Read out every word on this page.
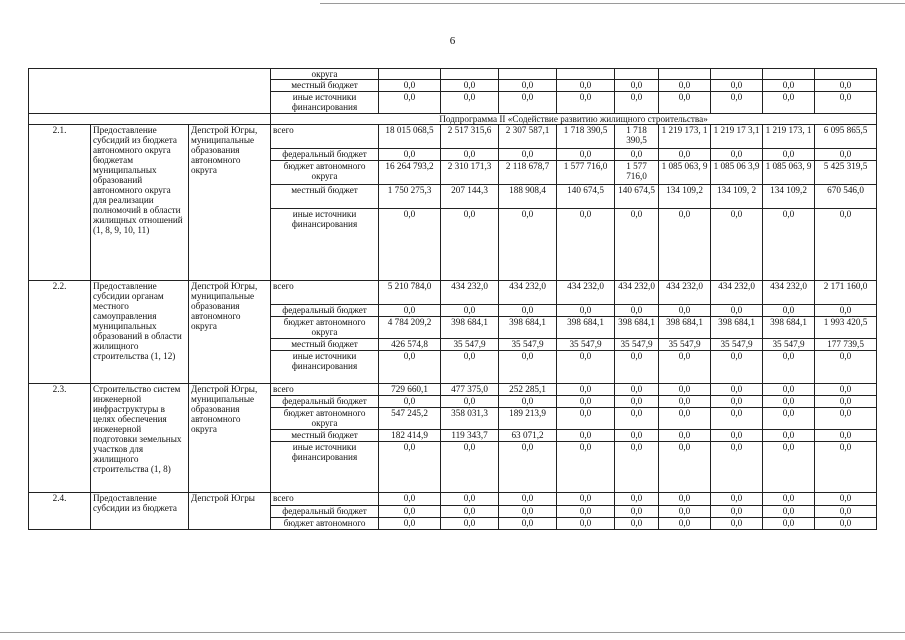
6
			округа									
			местный бюджет	0,0	0,0	0,0	0,0	0,0	0,0	0,0	0,0	0,0
			иные источники финансирования	0,0	0,0	0,0	0,0	0,0	0,0	0,0	0,0	0,0
			Подпрограмма II «Содействие развитию жилищного строительства»									
2.1.	Предоставление субсидий из бюджета автономного округа бюджетам муниципальных образований автономного округа для реализации полномочий в области жилищных отношений (1, 8, 9, 10, 11)	Депстрой Югры, муниципальные образования автономного округа	всего	18 015 068,5	2 517 315,6	2 307 587,1	1 718 390,5	1 718 390,5	1 219 173, 1	1 219 17 3,1	1 219 173, 1	6 095 865,5
			федеральный бюджет	0,0	0,0	0,0	0,0	0,0	0,0	0,0	0,0	0,0
			бюджет автономного округа	16 264 793,2	2 310 171,3	2 118 678,7	1 577 716,0	1 577 716,0	1 085 063, 9	1 085 06 3,9	1 085 063, 9	5 425 319,5
			местный бюджет	1 750 275,3	207 144,3	188 908,4	140 674,5	140 674,5	134 109,2	134 109, 2	134 109,2	670 546,0
			иные источники финансирования	0,0	0,0	0,0	0,0	0,0	0,0	0,0	0,0	0,0
2.2.	Предоставление субсидии органам местного самоуправления муниципальных образований в области жилищного строительства (1, 12)	Депстрой Югры, муниципальные образования автономного округа	всего	5 210 784,0	434 232,0	434 232,0	434 232,0	434 232,0	434 232,0	434 232,0	434 232,0	2 171 160,0
			федеральный бюджет	0,0	0,0	0,0	0,0	0,0	0,0	0,0	0,0	0,0
			бюджет автономного округа	4 784 209,2	398 684,1	398 684,1	398 684,1	398 684,1	398 684,1	398 684,1	398 684,1	1 993 420,5
			местный бюджет	426 574,8	35 547,9	35 547,9	35 547,9	35 547,9	35 547,9	35 547,9	35 547,9	177 739,5
			иные источники финансирования	0,0	0,0	0,0	0,0	0,0	0,0	0,0	0,0	0,0
2.3.	Строительство систем инженерной инфраструктуры в целях обеспечения инженерной подготовки земельных участков для жилищного строительства (1, 8)	Депстрой Югры, муниципальные образования автономного округа	всего	729 660,1	477 375,0	252 285,1	0,0	0,0	0,0	0,0	0,0	0,0
			федеральный бюджет	0,0	0,0	0,0	0,0	0,0	0,0	0,0	0,0	0,0
			бюджет автономного округа	547 245,2	358 031,3	189 213,9	0,0	0,0	0,0	0,0	0,0	0,0
			местный бюджет	182 414,9	119 343,7	63 071,2	0,0	0,0	0,0	0,0	0,0	0,0
			иные источники финансирования	0,0	0,0	0,0	0,0	0,0	0,0	0,0	0,0	0,0
2.4.	Предоставление субсидии из бюджета	Депстрой Югры	всего	0,0	0,0	0,0	0,0	0,0	0,0	0,0	0,0	0,0
			федеральный бюджет	0,0	0,0	0,0	0,0	0,0	0,0	0,0	0,0	0,0
			бюджет автономного	0,0	0,0	0,0	0,0	0,0	0,0	0,0	0,0	0,0
